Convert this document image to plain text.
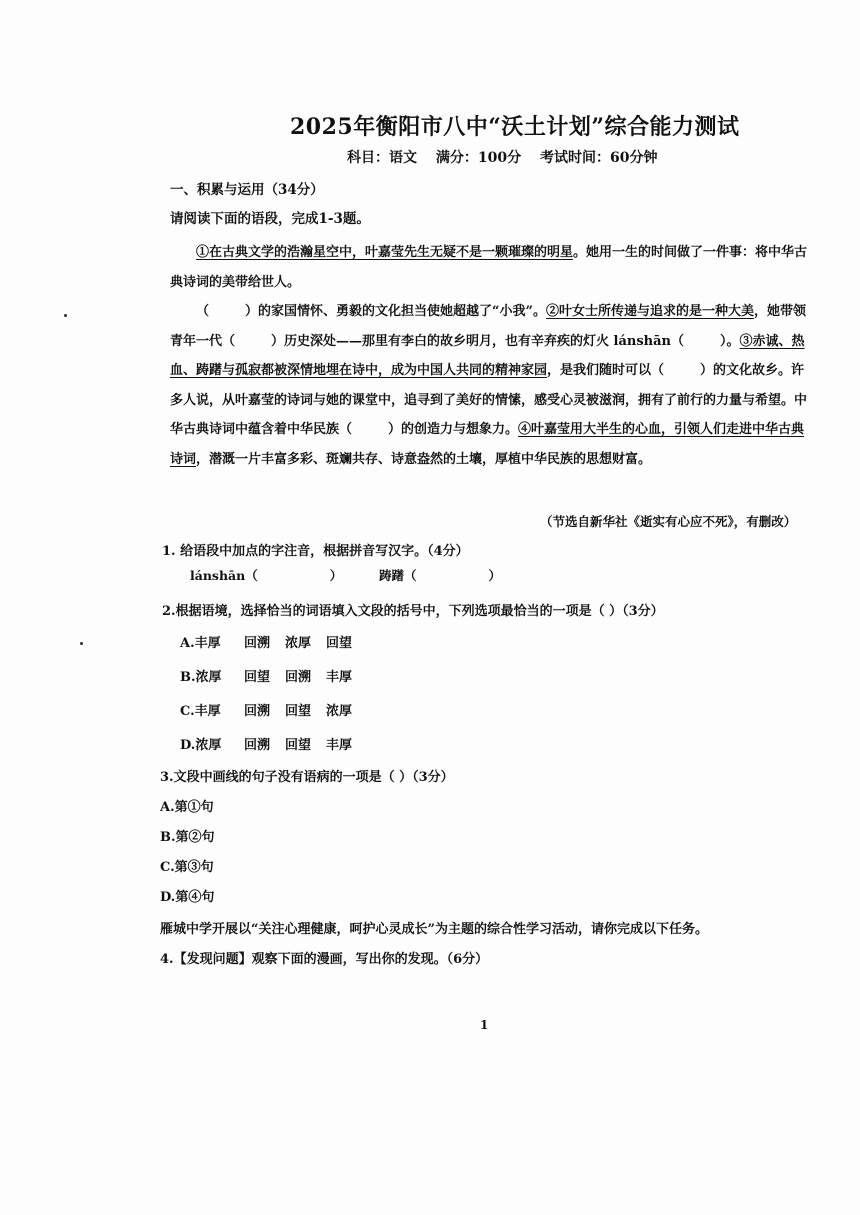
2025年衡阳市八中“沃土计划”综合能力测试
科目：语文 满分：100分 考试时间：60分钟
一、积累与运用（34分）
请阅读下面的语段，完成1-3题。

①在古典文学的浩瀚星空中，叶嘉莹先生无疑不是一颗璀璨的明星。她用一生的时间做了一件事：将中华古典诗词的美带给世人。

（	）的家国情怀、勇毅的文化担当使她超越了“小我”。②叶女士所传递与追求的是一种大美，她带领青年一代（	）历史深处——那里有李白的故乡明月，也有辛弃疾的灯火 lánshān（	）。③赤诚、热血、踌躇与孤寂都被深情地埋在诗中，成为中国人共同的精神家园，是我们随时可以（	）的文化故乡。许多人说，从叶嘉莹的诗词与她的课堂中，追寻到了美好的情愫，感受心灵被滋润，拥有了前行的力量与希望。中华古典诗词中蕴含着中华民族（	）的创造力与想象力。④叶嘉莹用大半生的心血，引领人们走进中华古典诗词，潜溉一片丰富多彩、斑斓共存、诗意盎然的土壤，厚植中华民族的思想财富。

（节选自新华社《逝实有心应不死》，有删改）
1. 给语段中加点的字注音，根据拼音写汉字。（4分）
lánshān（	）	踌躇（	）
2.根据语境，选择恰当的词语填入文段的括号中，下列选项最恰当的一项是（ ）（3分）
A.丰厚 回溯 浓厚 回望
B.浓厚 回望 回溯 丰厚
C.丰厚 回溯 回望 浓厚
D.浓厚 回溯 回望 丰厚
3.文段中画线的句子没有语病的一项是（ ）（3分）
A.第①句
B.第②句
C.第③句
D.第④句
雁城中学开展以“关注心理健康，呵护心灵成长”为主题的综合性学习活动，请你完成以下任务。
4.【发现问题】观察下面的漫画，写出你的发现。（6分）
1
